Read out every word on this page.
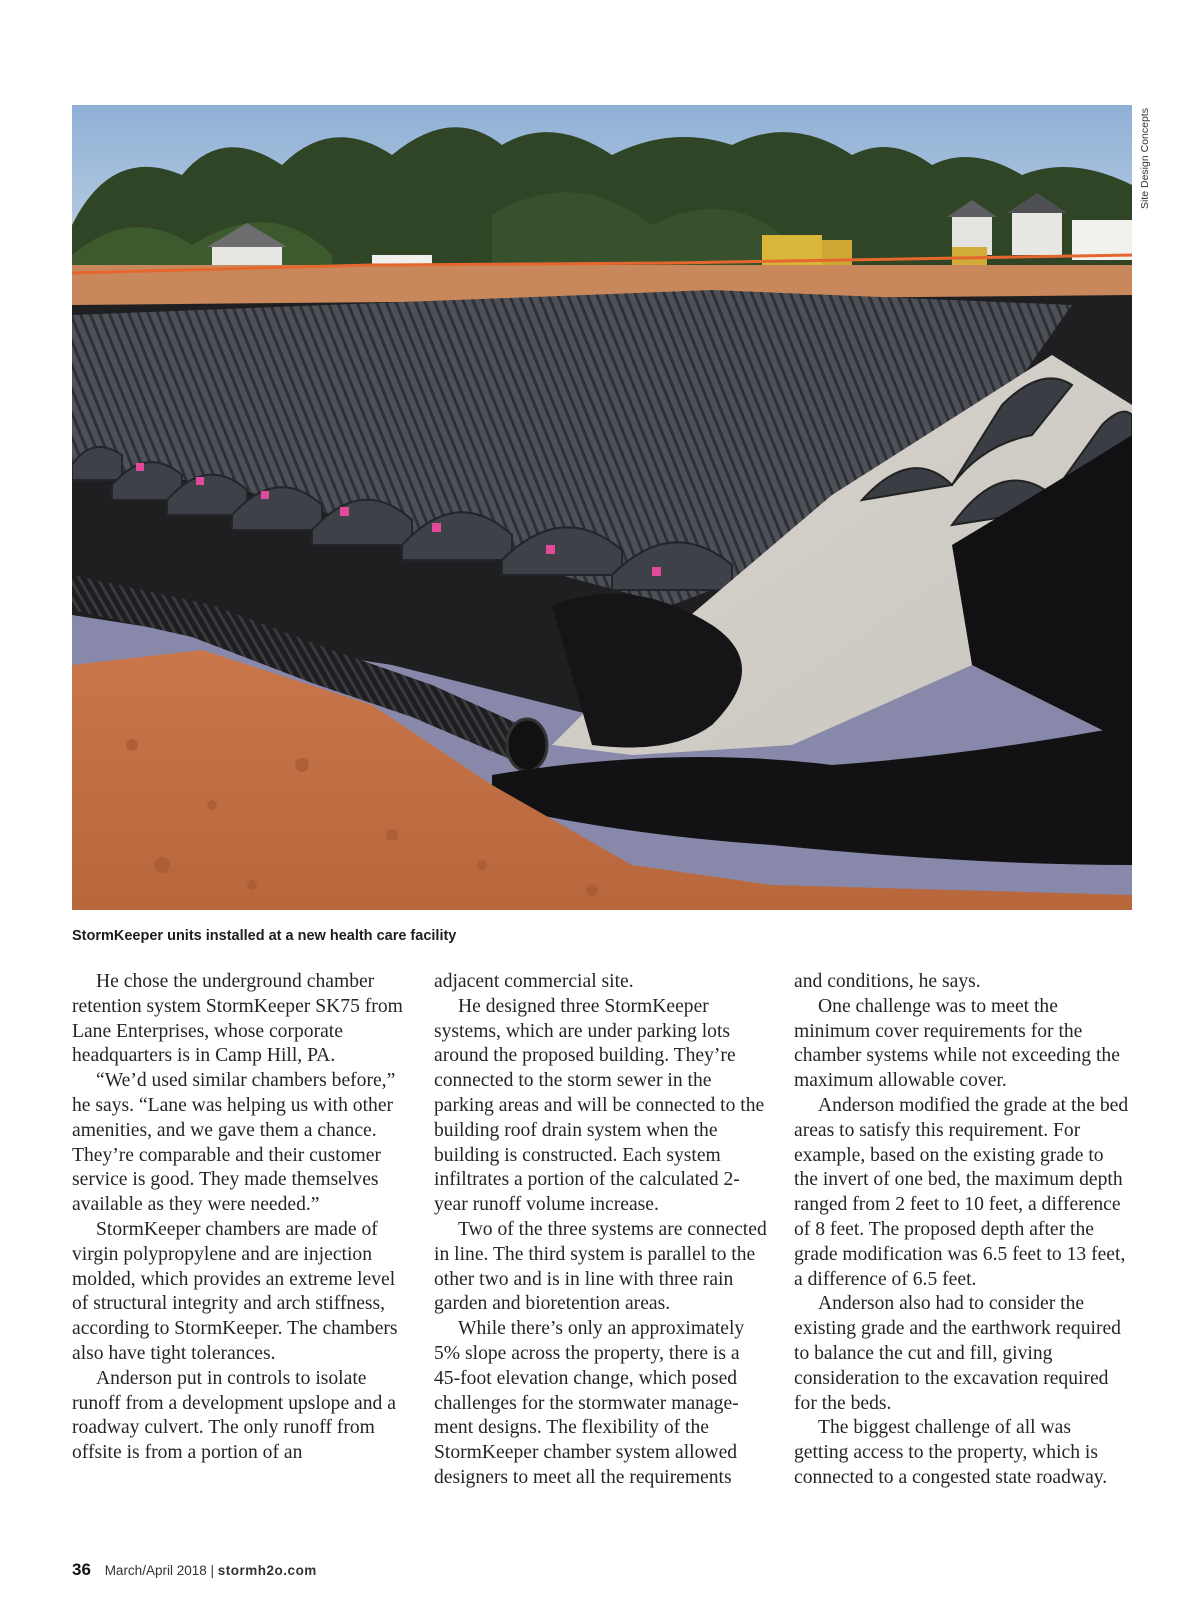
Site Design Concepts
StormKeeper units installed at a new health care facility

He chose the underground chamber retention system StormKeeper SK75 from Lane Enterprises, whose corporate headquarters is in Camp Hill, PA.

“We’d used similar chambers before,” he says. “Lane was helping us with other amenities, and we gave them a chance. They’re comparable and their customer service is good. They made themselves available as they were needed.”

StormKeeper chambers are made of virgin polypropylene and are injection molded, which provides an extreme level of structural integrity and arch stiffness, according to StormKeeper. The chambers also have tight tolerances.

Anderson put in controls to isolate runoff from a development upslope and a roadway culvert. The only runoff from offsite is from a portion of an

adjacent commercial site.

He designed three StormKeeper systems, which are under parking lots around the proposed building. They’re connected to the storm sewer in the parking areas and will be connected to the building roof drain system when the building is constructed. Each system infiltrates a portion of the calculated 2-year runoff volume increase.

Two of the three systems are connected in line. The third system is parallel to the other two and is in line with three rain garden and bioretention areas.

While there’s only an approximately 5% slope across the property, there is a 45-foot elevation change, which posed challenges for the stormwater management designs. The flexibility of the StormKeeper chamber system allowed designers to meet all the requirements

and conditions, he says.

One challenge was to meet the minimum cover requirements for the chamber systems while not exceeding the maximum allowable cover.

Anderson modified the grade at the bed areas to satisfy this requirement. For example, based on the existing grade to the invert of one bed, the maximum depth ranged from 2 feet to 10 feet, a difference of 8 feet. The proposed depth after the grade modification was 6.5 feet to 13 feet, a difference of 6.5 feet.

Anderson also had to consider the existing grade and the earthwork required to balance the cut and fill, giving consideration to the excavation required for the beds.

The biggest challenge of all was getting access to the property, which is connected to a congested state roadway.

36 March/April 2018 | stormh2o.com
